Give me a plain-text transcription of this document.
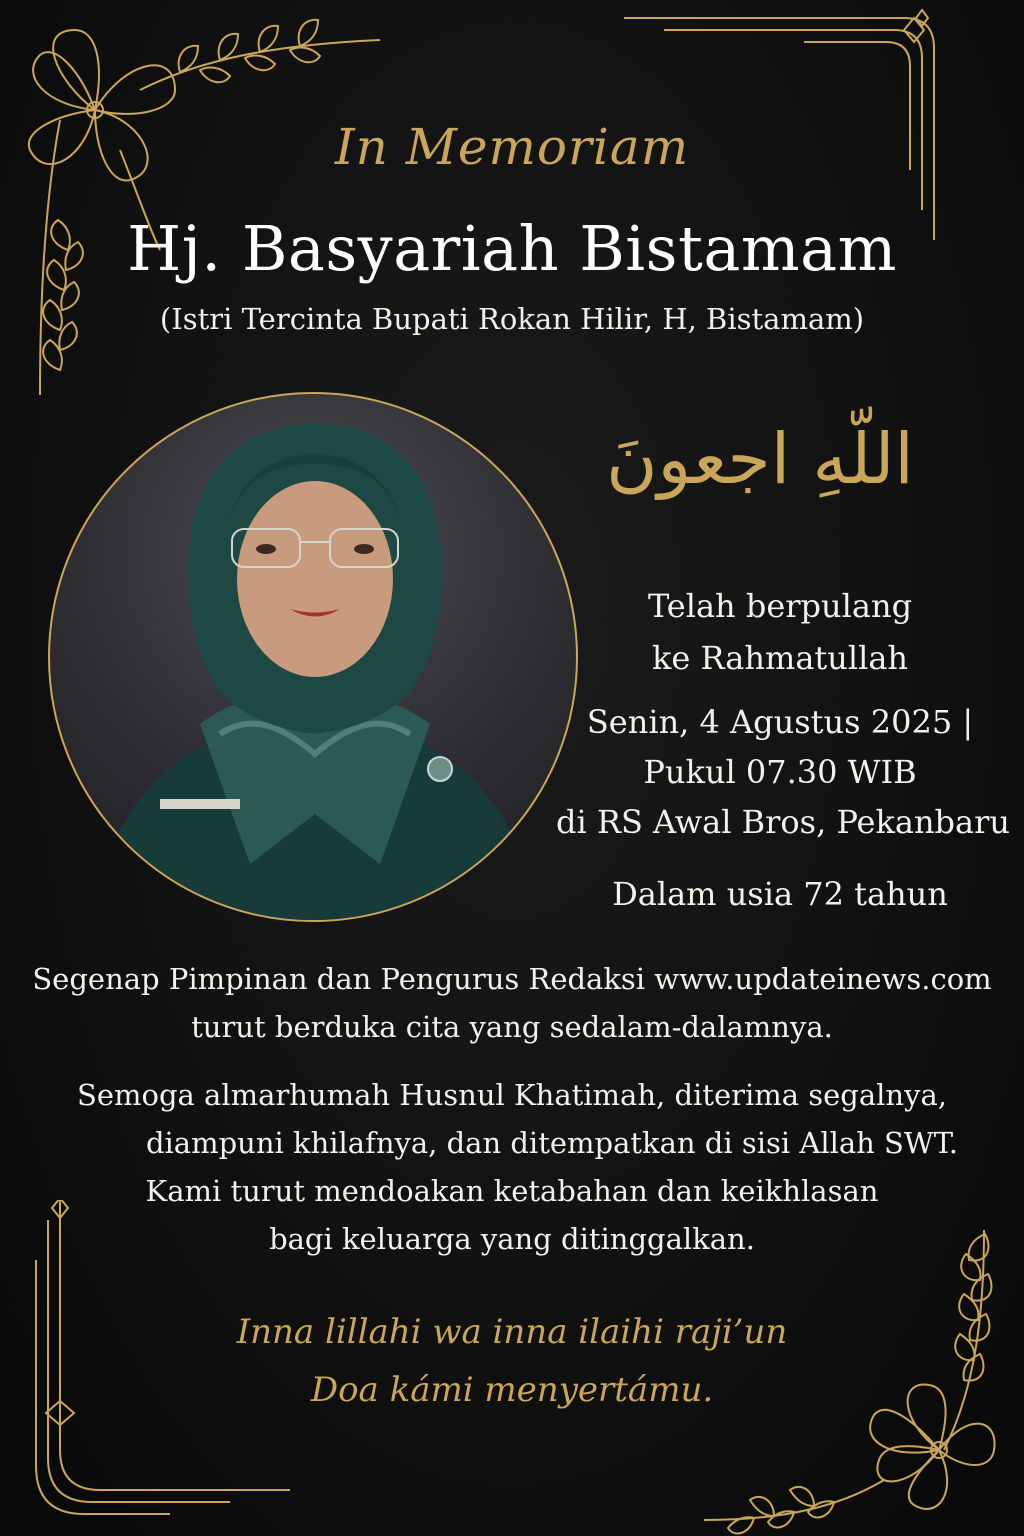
In Memoriam
Hj. Basyariah Bistamam
(Istri Tercinta Bupati Rokan Hilir, H, Bistamam)
اللّهِ اجعونَ
Telah berpulang
ke Rahmatullah
Senin, 4 Agustus 2025 |
Pukul 07.30 WIB
di RS Awal Bros, Pekanbaru
Dalam usia 72 tahun
Segenap Pimpinan dan Pengurus Redaksi www.updateinews.com
turut berduka cita yang sedalam-dalamnya.
Semoga almarhumah Husnul Khatimah, diterima segalnya,
diampuni khilafnya, dan ditempatkan di sisi Allah SWT.
Kami turut mendoakan ketabahan dan keikhlasan
bagi keluarga yang ditinggalkan.
Inna lillahi wa inna ilaihi raji’un
Doa kámi menyertámu.
